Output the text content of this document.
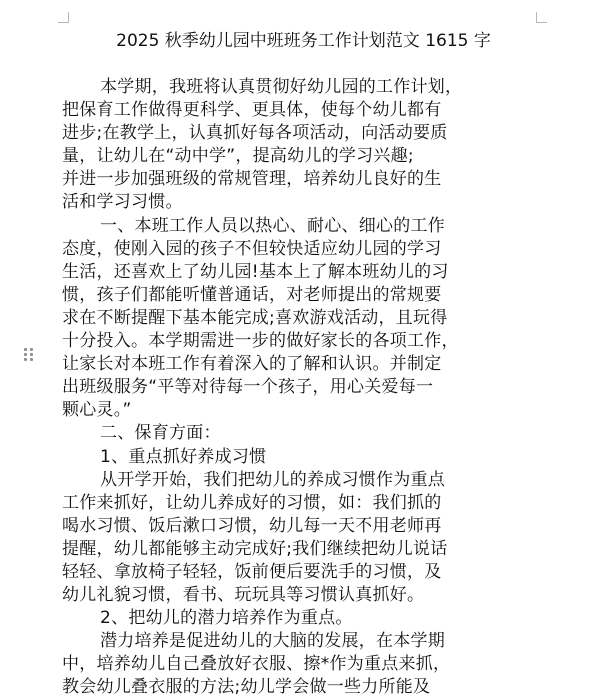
2025 秋季幼儿园中班班务工作计划范文 1615 字
本学期，我班将认真贯彻好幼儿园的工作计划，
把保育工作做得更科学、更具体，使每个幼儿都有
进步;在教学上，认真抓好每各项活动，向活动要质
量，让幼儿在“动中学”，提高幼儿的学习兴趣;
并进一步加强班级的常规管理，培养幼儿良好的生
活和学习习惯。
一、本班工作人员以热心、耐心、细心的工作
态度，使刚入园的孩子不但较快适应幼儿园的学习
生活，还喜欢上了幼儿园!基本上了解本班幼儿的习
惯，孩子们都能听懂普通话，对老师提出的常规要
求在不断提醒下基本能完成;喜欢游戏活动，且玩得
十分投入。本学期需进一步的做好家长的各项工作，
让家长对本班工作有着深入的了解和认识。并制定
出班级服务“平等对待每一个孩子，用心关爱每一
颗心灵。”
二、保育方面：
1、重点抓好养成习惯
从开学开始，我们把幼儿的养成习惯作为重点
工作来抓好，让幼儿养成好的习惯，如：我们抓的
喝水习惯、饭后漱口习惯，幼儿每一天不用老师再
提醒，幼儿都能够主动完成好;我们继续把幼儿说话
轻轻、拿放椅子轻轻，饭前便后要洗手的习惯，及
幼儿礼貌习惯，看书、玩玩具等习惯认真抓好。
2、把幼儿的潜力培养作为重点。
潜力培养是促进幼儿的大脑的发展，在本学期
中，培养幼儿自己叠放好衣服、擦*作为重点来抓，
教会幼儿叠衣服的方法;幼儿学会做一些力所能及
